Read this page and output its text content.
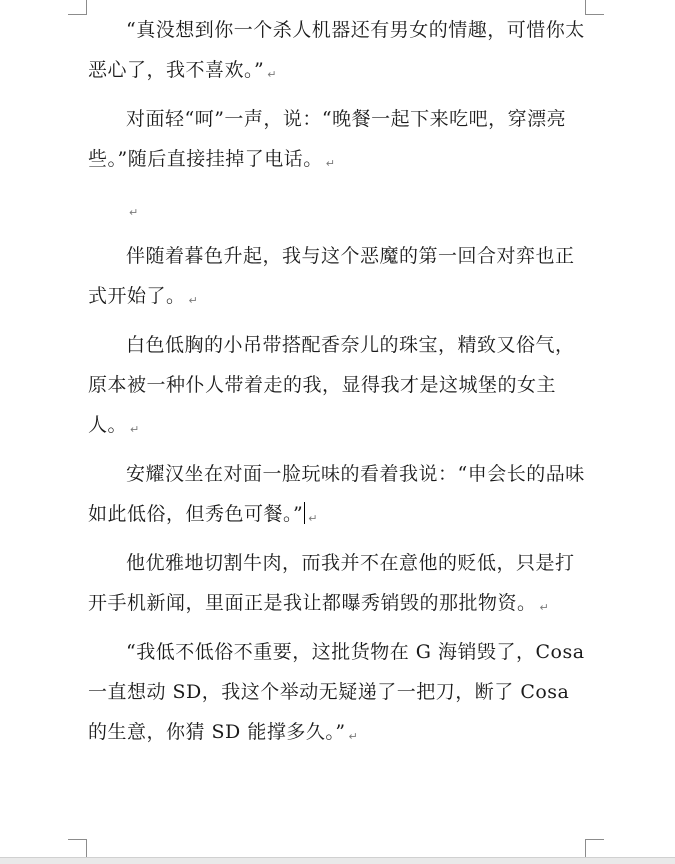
“真没想到你一个杀人机器还有男女的情趣，可惜你太恶心了，我不喜欢。” ↵

对面轻“呵”一声，说：“晚餐一起下来吃吧，穿漂亮些。”随后直接挂掉了电话。 ↵

↵

伴随着暮色升起，我与这个恶魔的第一回合对弈也正式开始了。 ↵

白色低胸的小吊带搭配香奈儿的珠宝，精致又俗气，原本被一种仆人带着走的我，显得我才是这城堡的女主人。 ↵

安耀汉坐在对面一脸玩味的看着我说：“申会长的品味如此低俗，但秀色可餐。” ↵

他优雅地切割牛肉，而我并不在意他的贬低，只是打开手机新闻，里面正是我让都曝秀销毁的那批物资。 ↵

“我低不低俗不重要，这批货物在 G 海销毁了，Cosa 一直想动 SD，我这个举动无疑递了一把刀，断了 Cosa 的生意，你猜 SD 能撑多久。” ↵
